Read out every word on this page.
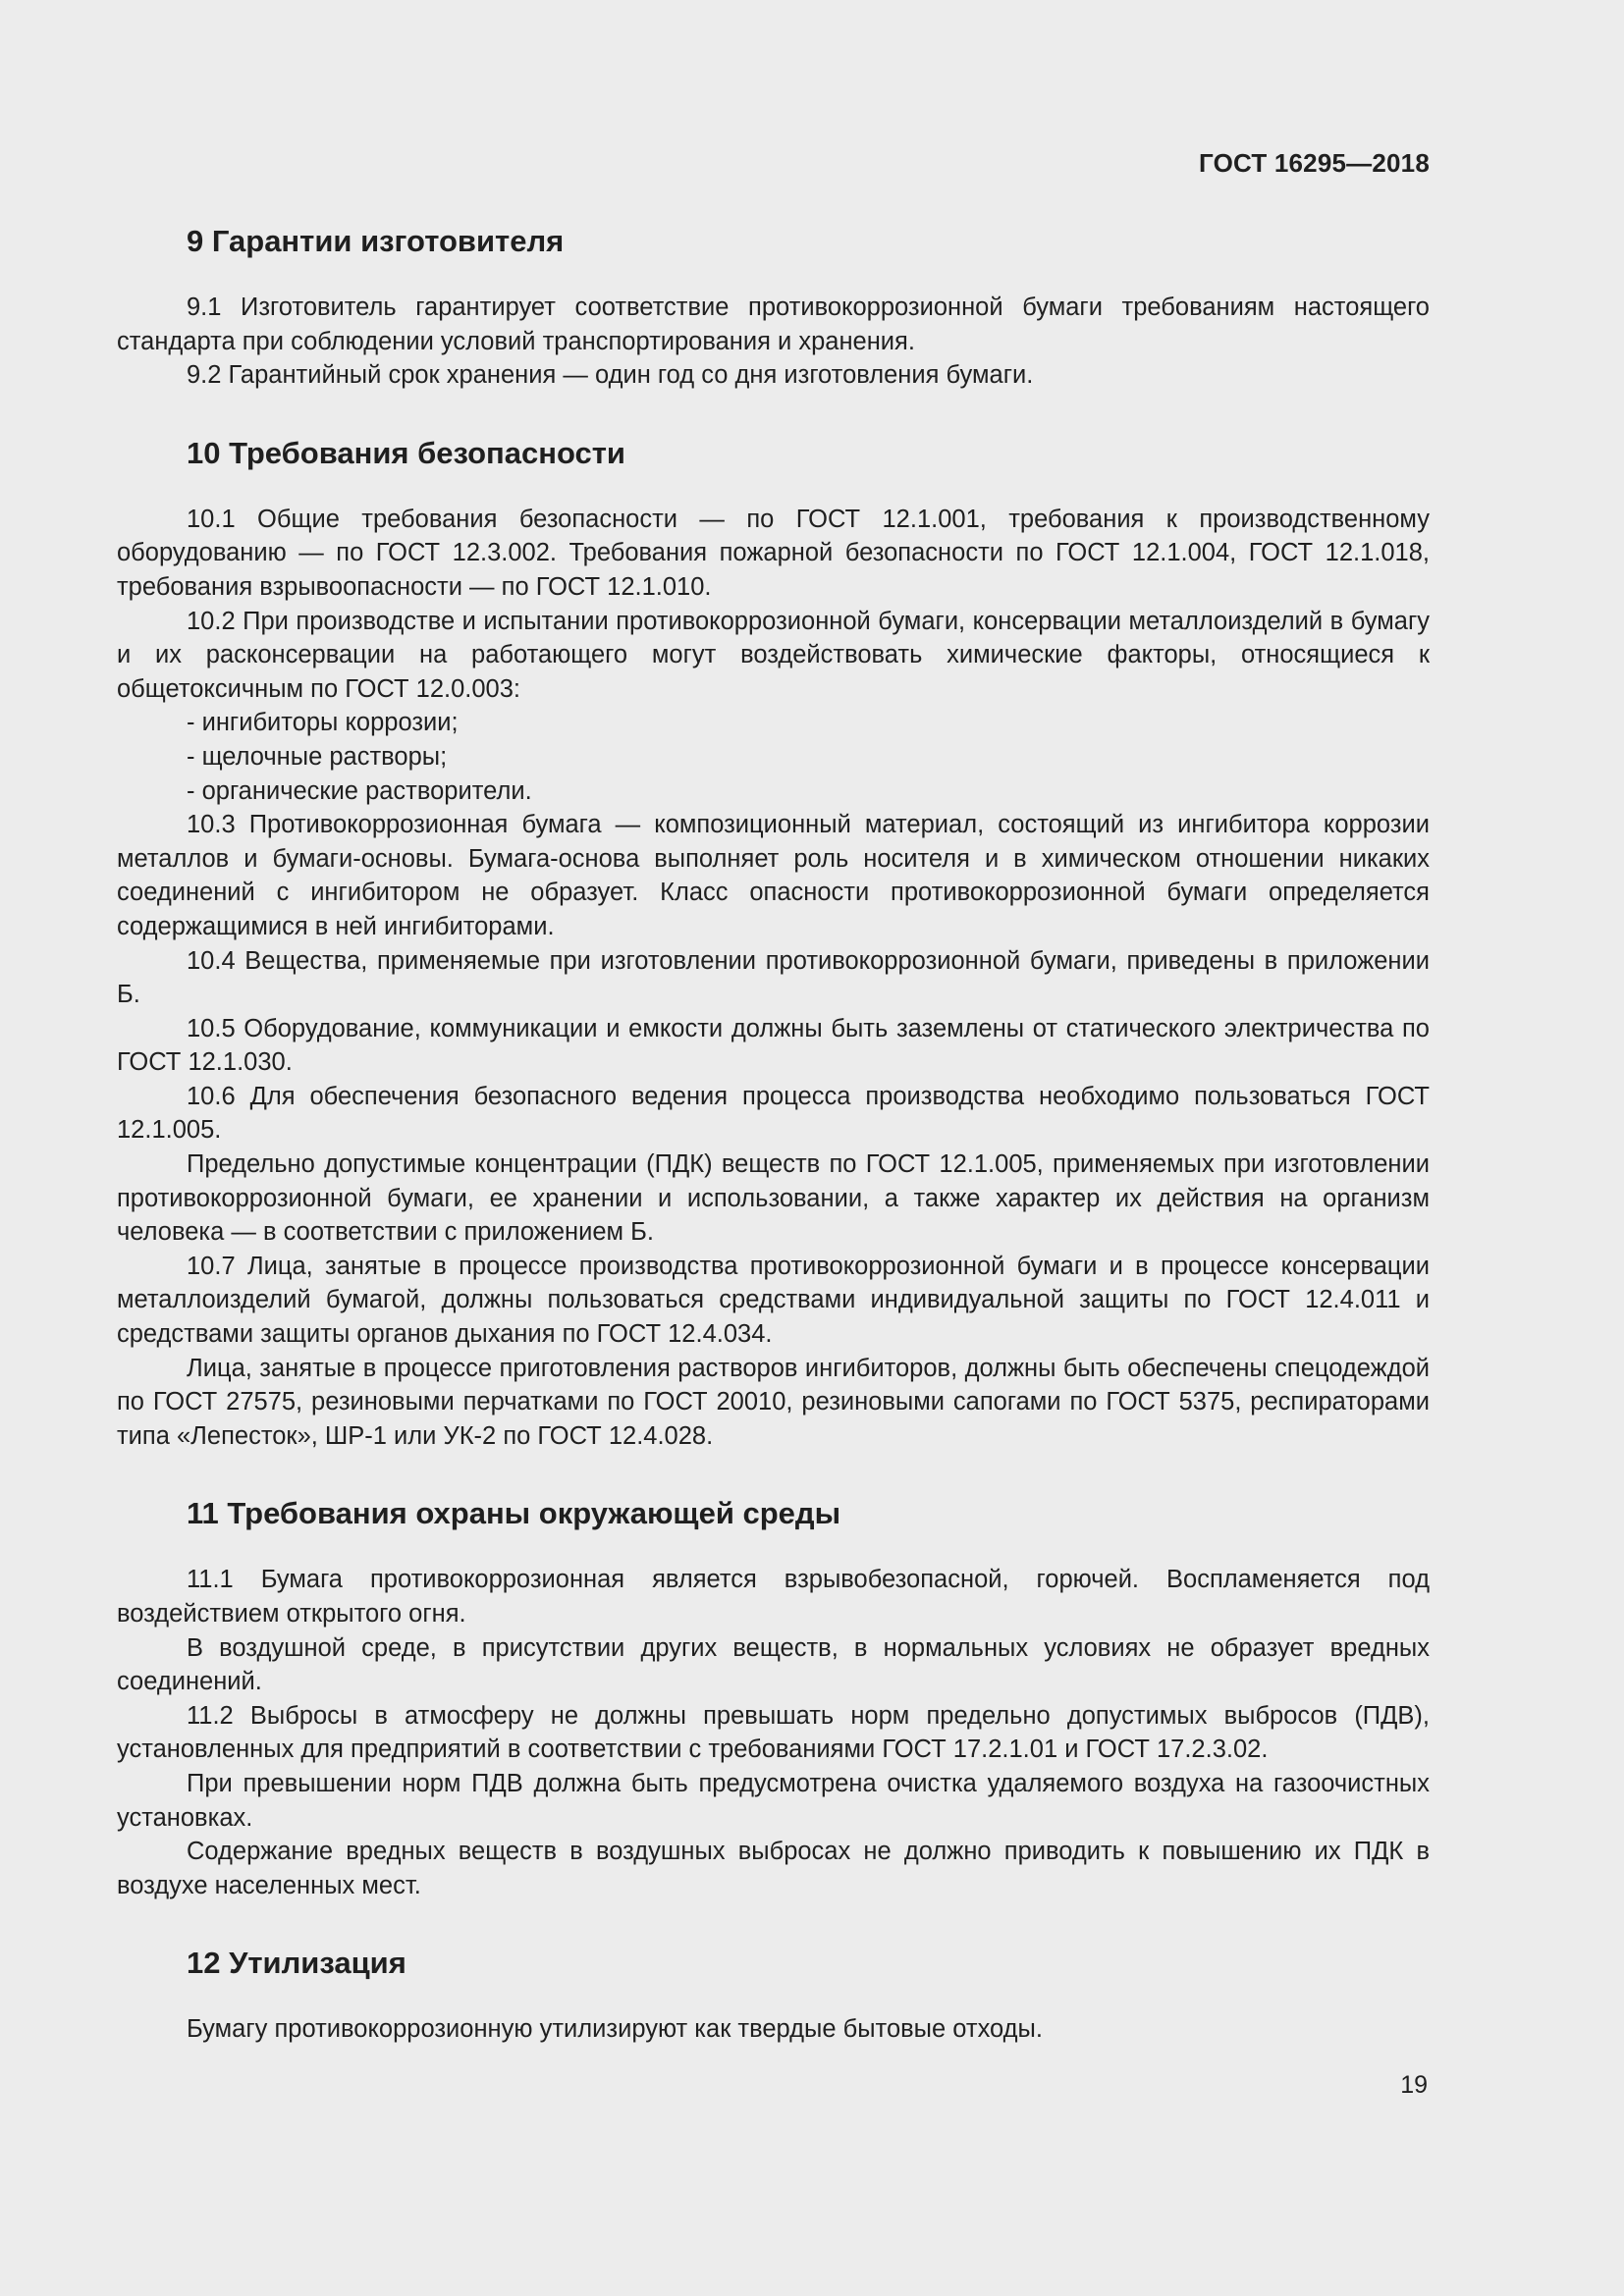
ГОСТ 16295—2018
9 Гарантии изготовителя

9.1 Изготовитель гарантирует соответствие противокоррозионной бумаги требованиям настоящего стандарта при соблюдении условий транспортирования и хранения.

9.2 Гарантийный срок хранения — один год со дня изготовления бумаги.

10 Требования безопасности

10.1 Общие требования безопасности — по ГОСТ 12.1.001, требования к производственному оборудованию — по ГОСТ 12.3.002. Требования пожарной безопасности по ГОСТ 12.1.004, ГОСТ 12.1.018, требования взрывоопасности — по ГОСТ 12.1.010.

10.2 При производстве и испытании противокоррозионной бумаги, консервации металлоизделий в бумагу и их расконсервации на работающего могут воздействовать химические факторы, относящиеся к общетоксичным по ГОСТ 12.0.003:

- ингибиторы коррозии;

- щелочные растворы;

- органические растворители.

10.3 Противокоррозионная бумага — композиционный материал, состоящий из ингибитора коррозии металлов и бумаги-основы. Бумага-основа выполняет роль носителя и в химическом отношении никаких соединений с ингибитором не образует. Класс опасности противокоррозионной бумаги определяется содержащимися в ней ингибиторами.

10.4 Вещества, применяемые при изготовлении противокоррозионной бумаги, приведены в приложении Б.

10.5 Оборудование, коммуникации и емкости должны быть заземлены от статического электричества по ГОСТ 12.1.030.

10.6 Для обеспечения безопасного ведения процесса производства необходимо пользоваться ГОСТ 12.1.005.

Предельно допустимые концентрации (ПДК) веществ по ГОСТ 12.1.005, применяемых при изготовлении противокоррозионной бумаги, ее хранении и использовании, а также характер их действия на организм человека — в соответствии с приложением Б.

10.7 Лица, занятые в процессе производства противокоррозионной бумаги и в процессе консервации металлоизделий бумагой, должны пользоваться средствами индивидуальной защиты по ГОСТ 12.4.011 и средствами защиты органов дыхания по ГОСТ 12.4.034.

Лица, занятые в процессе приготовления растворов ингибиторов, должны быть обеспечены спецодеждой по ГОСТ 27575, резиновыми перчатками по ГОСТ 20010, резиновыми сапогами по ГОСТ 5375, респираторами типа «Лепесток», ШР-1 или УК-2 по ГОСТ 12.4.028.

11 Требования охраны окружающей среды

11.1 Бумага противокоррозионная является взрывобезопасной, горючей. Воспламеняется под воздействием открытого огня.

В воздушной среде, в присутствии других веществ, в нормальных условиях не образует вредных соединений.

11.2 Выбросы в атмосферу не должны превышать норм предельно допустимых выбросов (ПДВ), установленных для предприятий в соответствии с требованиями ГОСТ 17.2.1.01 и ГОСТ 17.2.3.02.

При превышении норм ПДВ должна быть предусмотрена очистка удаляемого воздуха на газоочистных установках.

Содержание вредных веществ в воздушных выбросах не должно приводить к повышению их ПДК в воздухе населенных мест.

12 Утилизация

Бумагу противокоррозионную утилизируют как твердые бытовые отходы.

19
